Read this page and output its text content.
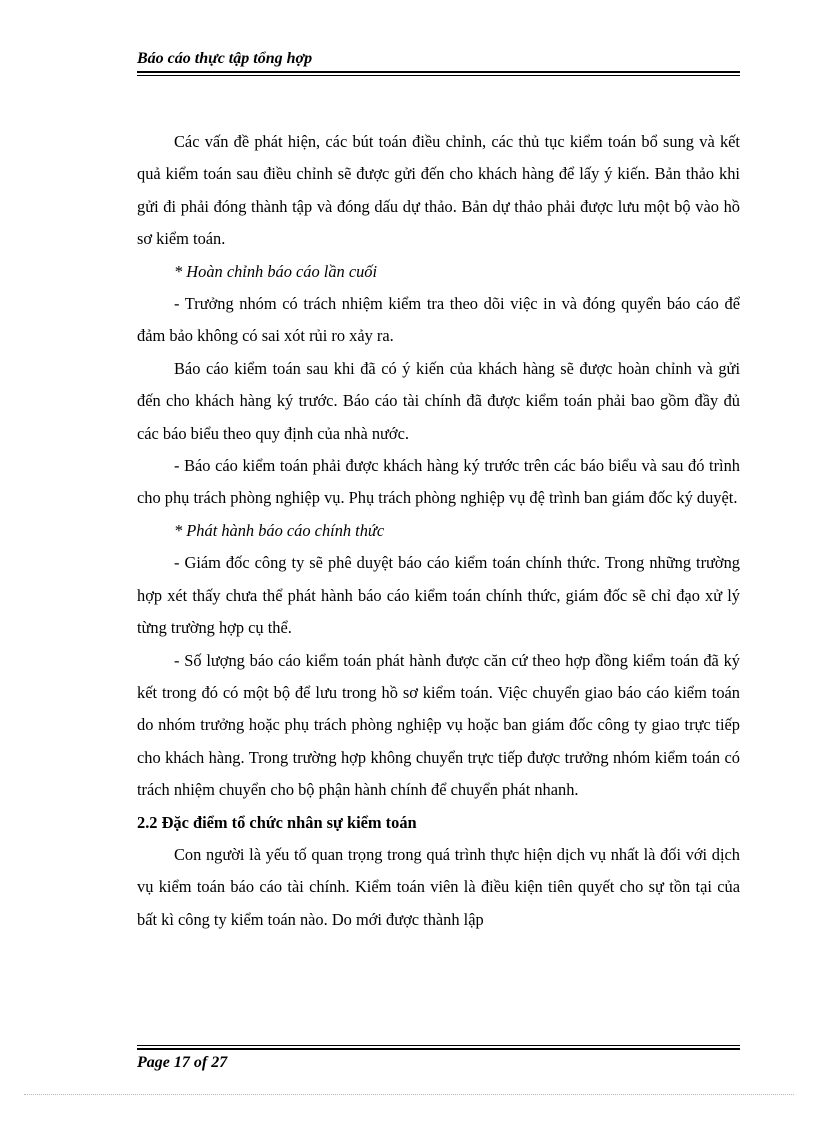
Báo cáo thực tập tổng hợp

Các vấn đề phát hiện, các bút toán điều chỉnh, các thủ tục kiểm toán bổ sung và kết quả kiểm toán sau điều chỉnh sẽ được gửi đến cho khách hàng để lấy ý kiến. Bản thảo khi gửi đi phải đóng thành tập và đóng dấu dự thảo. Bản dự thảo phải được lưu một bộ vào hồ sơ kiểm toán.

* Hoàn chỉnh báo cáo lần cuối

- Trưởng nhóm có trách nhiệm kiểm tra theo dõi việc in và đóng quyển báo cáo để đảm bảo không có sai xót rủi ro xảy ra.

Báo cáo kiểm toán sau khi đã có ý kiến của khách hàng sẽ được hoàn chỉnh và gửi đến cho khách hàng ký trước. Báo cáo tài chính đã được kiểm toán phải bao gồm đầy đủ các báo biểu theo quy định của nhà nước.

- Báo cáo kiểm toán phải được khách hàng ký trước trên các báo biểu và sau đó trình cho phụ trách phòng nghiệp vụ. Phụ trách phòng nghiệp vụ đệ trình ban giám đốc ký duyệt.

* Phát hành báo cáo chính thức

- Giám đốc công ty sẽ phê duyệt báo cáo kiểm toán chính thức. Trong những trường hợp xét thấy chưa thể phát hành báo cáo kiểm toán chính thức, giám đốc sẽ chỉ đạo xử lý từng trường hợp cụ thể.

- Số lượng báo cáo kiểm toán phát hành được căn cứ theo hợp đồng kiểm toán đã ký kết trong đó có một bộ để lưu trong hồ sơ kiểm toán. Việc chuyển giao báo cáo kiểm toán do nhóm trưởng hoặc phụ trách phòng nghiệp vụ hoặc ban giám đốc công ty giao trực tiếp cho khách hàng. Trong trường hợp không chuyển trực tiếp được trưởng nhóm kiểm toán có trách nhiệm chuyển cho bộ phận hành chính để chuyển phát nhanh.

2.2 Đặc điểm tổ chức nhân sự kiểm toán

Con người là yếu tố quan trọng trong quá trình thực hiện dịch vụ nhất là đối với dịch vụ kiểm toán báo cáo tài chính. Kiểm toán viên là điều kiện tiên quyết cho sự tồn tại của bất kì công ty kiểm toán nào. Do mới được thành lập

Page 17 of 27
